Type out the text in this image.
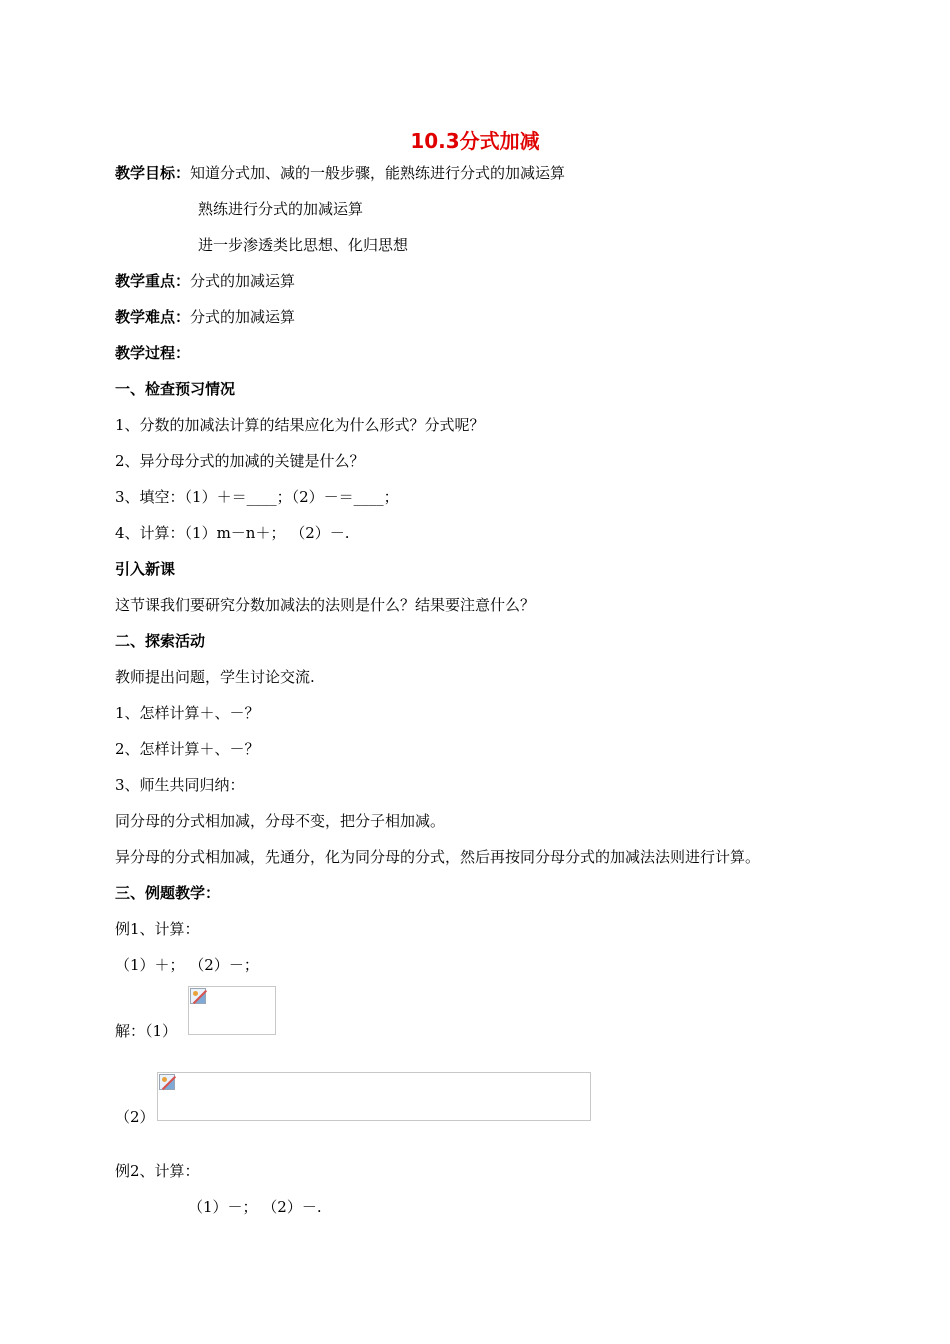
10.3分式加减
教学目标：知道分式加、减的一般步骤，能熟练进行分式的加减运算
熟练进行分式的加减运算
进一步渗透类比思想、化归思想
教学重点：分式的加减运算
教学难点：分式的加减运算
教学过程：
一、检查预习情况
1、分数的加减法计算的结果应化为什么形式？分式呢？
2、异分母分式的加减的关键是什么？
3、填空：（1）＋＝____；（2）－＝____；
4、计算：（1）m－n＋； （2）－.
引入新课
这节课我们要研究分数加减法的法则是什么？结果要注意什么？
二、探索活动
教师提出问题，学生讨论交流.
1、怎样计算＋、－？
2、怎样计算＋、－？
3、师生共同归纳：
同分母的分式相加减，分母不变，把分子相加减。
异分母的分式相加减，先通分，化为同分母的分式，然后再按同分母分式的加减法法则进行计算。
三、例题教学：
例1、计算：
（1）＋； （2）－；
解：（1）
（2）
例2、计算：
（1）－； （2）－.
